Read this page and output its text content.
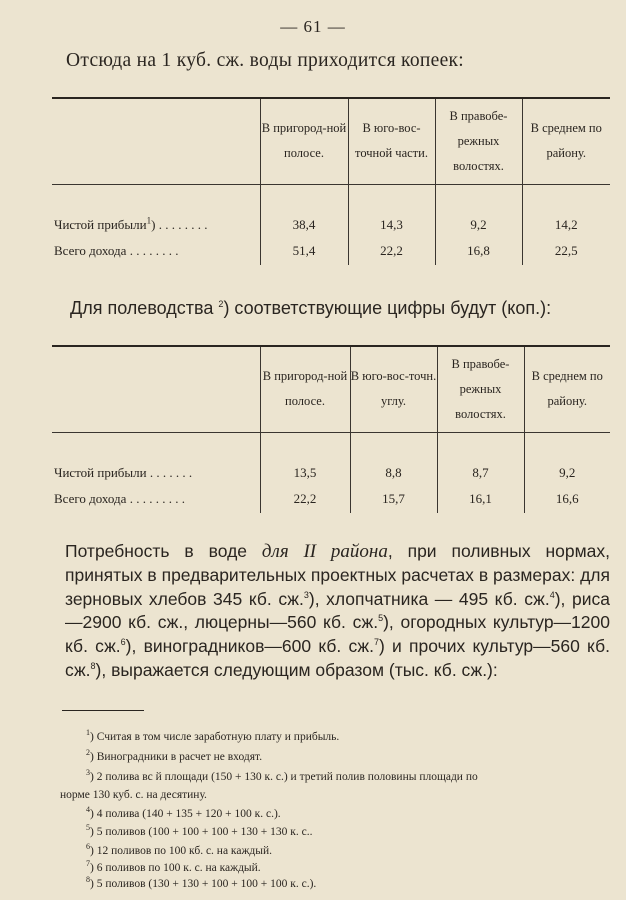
— 61 —
Отсюда на 1 куб. сж. воды приходится копеек:
	В пригород-ной полосе.	В юго-вос-точной части.	В правобе-режных волостях.	В среднем по району.
Чистой прибыли$^1$) . . . . . . . .	38,4	14,3	9,2	14,2
Всего дохода . . . . . . . .	51,4	22,2	16,8	22,5
Для полеводства $^2$) соответствующие цифры будут (коп.):
	В пригород-ной полосе.	В юго-вос-точн. углу.	В правобе-режных волостях.	В среднем по району.
Чистой прибыли . . . . . . .	13,5	8,8	8,7	9,2
Всего дохода . . . . . . . . .	22,2	15,7	16,1	16,6
Потребность в воде для II района, при поливных нормах, принятых в предварительных проектных расчетах в размерах: для зерновых хлебов 345 кб. сж.$^3$), хлопчатника — 495 кб. сж.$^4$), риса—2900 кб. сж., люцерны—560 кб. сж.$^5$), огородных культур—1200 кб. сж.$^6$), виноградников—600 кб. сж.$^7$) и прочих культур—560 кб. сж.$^8$), выражается следующим образом (тыс. кб. сж.):
$^1$) Считая в том числе заработную плату и прибыль.
$^2$) Виноградники в расчет не входят.
$^3$) 2 полива вс й площади (150 + 130 к. с.) и третий полив половины площади по
норме 130 куб. с. на десятину.
$^4$) 4 полива (140 + 135 + 120 + 100 к. с.).
$^5$) 5 поливов (100 + 100 + 100 + 130 + 130 к. с..
$^6$) 12 поливов по 100 кб. с. на каждый.
$^7$) 6 поливов по 100 к. с. на каждый.
$^8$) 5 поливов (130 + 130 + 100 + 100 + 100 к. с.).
